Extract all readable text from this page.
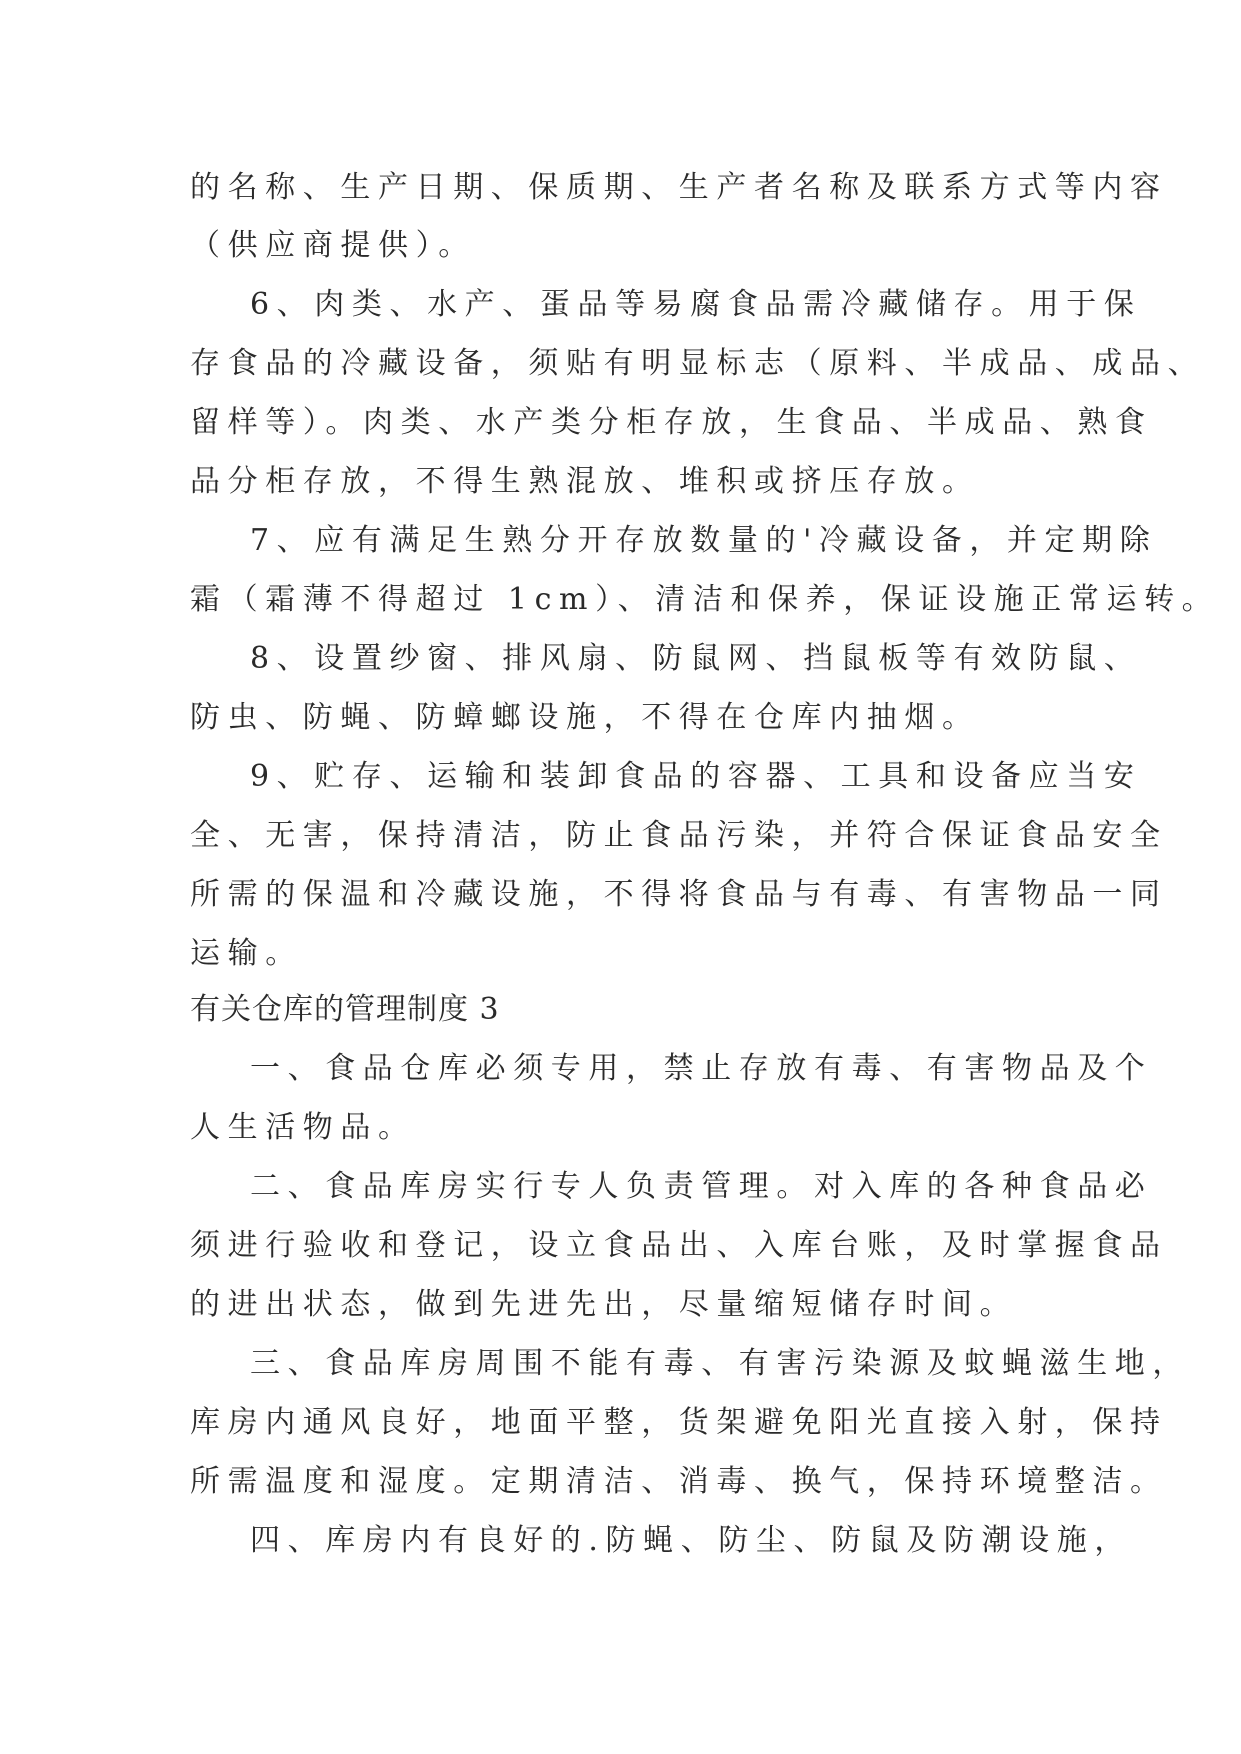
的名称、生产日期、保质期、生产者名称及联系方式等内容
（供应商提供）。
6、肉类、水产、蛋品等易腐食品需冷藏储存。用于保
存食品的冷藏设备，须贴有明显标志（原料、半成品、成品、
留样等）。肉类、水产类分柜存放，生食品、半成品、熟食
品分柜存放，不得生熟混放、堆积或挤压存放。
7、应有满足生熟分开存放数量的'冷藏设备，并定期除
霜（霜薄不得超过 1cm）、清洁和保养，保证设施正常运转。
8、设置纱窗、排风扇、防鼠网、挡鼠板等有效防鼠、
防虫、防蝇、防蟑螂设施，不得在仓库内抽烟。
9、贮存、运输和装卸食品的容器、工具和设备应当安
全、无害，保持清洁，防止食品污染，并符合保证食品安全
所需的保温和冷藏设施，不得将食品与有毒、有害物品一同
运输。
有关仓库的管理制度 3
一、食品仓库必须专用，禁止存放有毒、有害物品及个
人生活物品。
二、食品库房实行专人负责管理。对入库的各种食品必
须进行验收和登记，设立食品出、入库台账，及时掌握食品
的进出状态，做到先进先出，尽量缩短储存时间。
三、食品库房周围不能有毒、有害污染源及蚊蝇滋生地，
库房内通风良好，地面平整，货架避免阳光直接入射，保持
所需温度和湿度。定期清洁、消毒、换气，保持环境整洁。
四、库房内有良好的.防蝇、防尘、防鼠及防潮设施，
